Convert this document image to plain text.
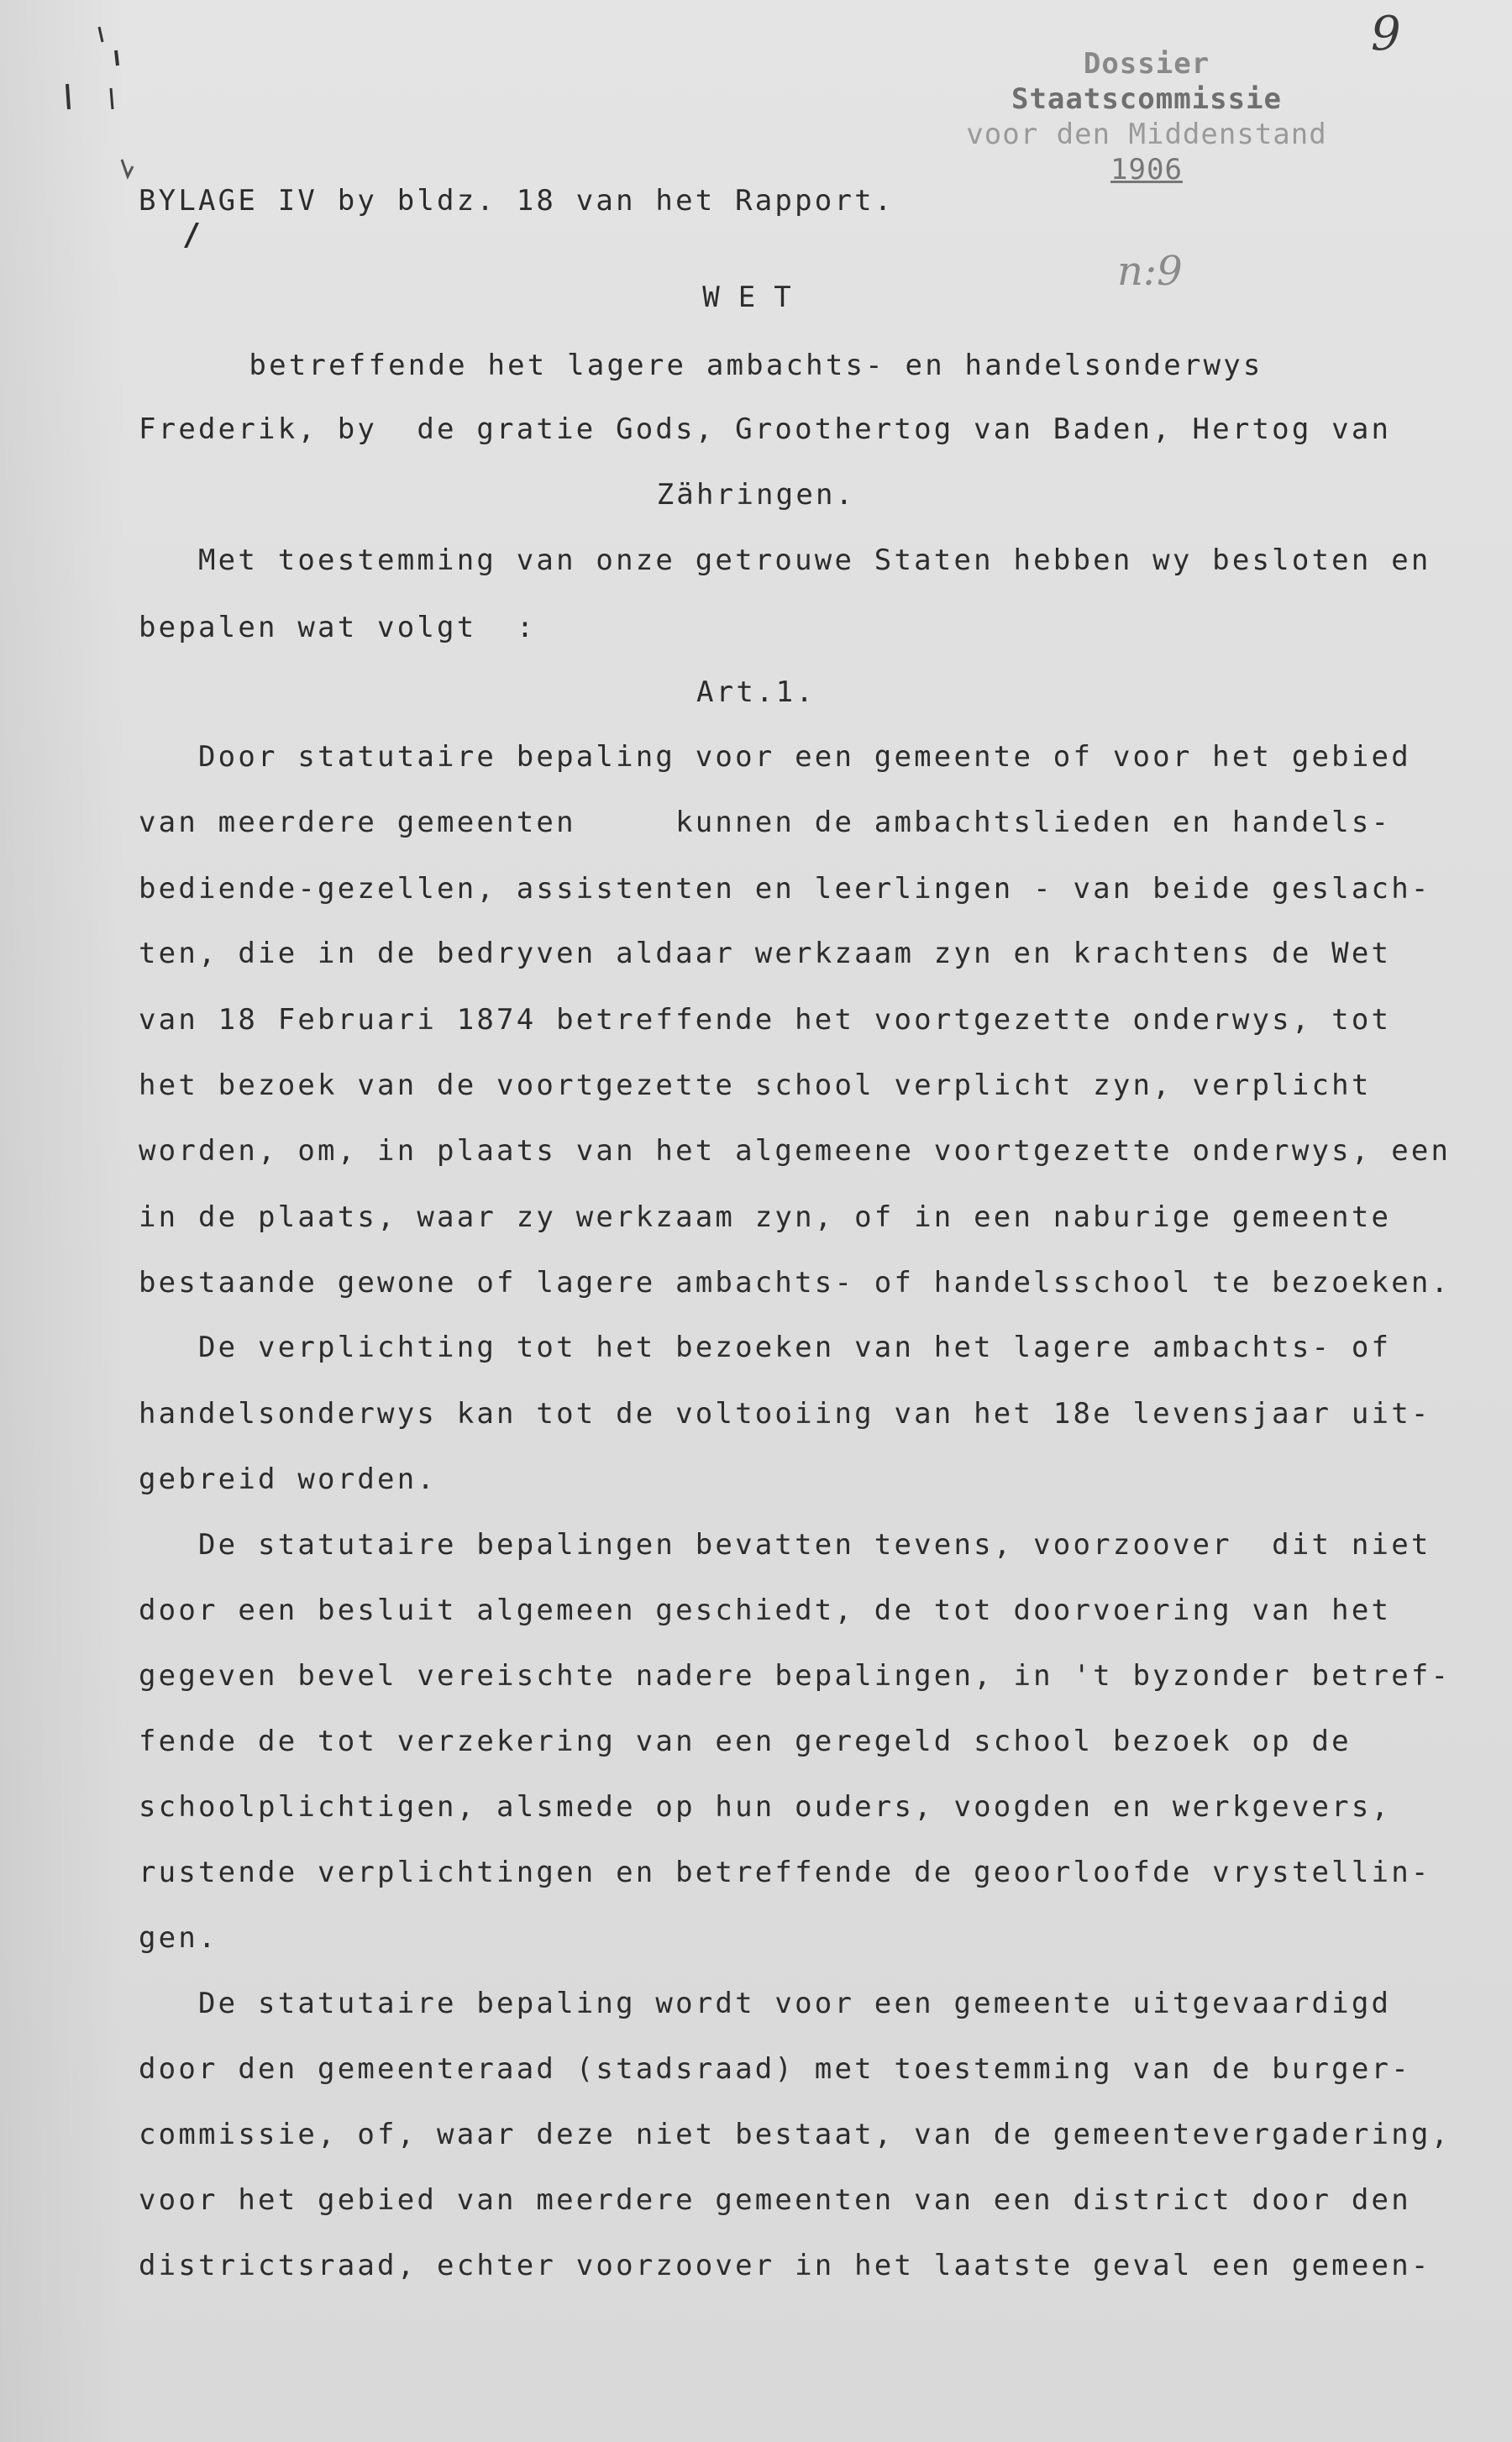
9
Dossier
Staatscommissie
voor den Middenstand
1906
n:9
BYLAGE IV by bldz. 18 van het Rapport.
WET
betreffende het lagere ambachts- en handelsonderwys
Frederik, by  de gratie Gods, Groothertog van Baden, Hertog van
Zähringen.
Met toestemming van onze getrouwe Staten hebben wy besloten en
bepalen wat volgt  :
Art.1.
Door statutaire bepaling voor een gemeente of voor het gebied
van meerdere gemeenten     kunnen de ambachtslieden en handels-
bediende-gezellen, assistenten en leerlingen - van beide geslach-
ten, die in de bedryven aldaar werkzaam zyn en krachtens de Wet
van 18 Februari 1874 betreffende het voortgezette onderwys, tot
het bezoek van de voortgezette school verplicht zyn, verplicht
worden, om, in plaats van het algemeene voortgezette onderwys, een
in de plaats, waar zy werkzaam zyn, of in een naburige gemeente
bestaande gewone of lagere ambachts- of handelsschool te bezoeken.
De verplichting tot het bezoeken van het lagere ambachts- of
handelsonderwys kan tot de voltooiing van het 18e levensjaar uit-
gebreid worden.
De statutaire bepalingen bevatten tevens, voorzoover  dit niet
door een besluit algemeen geschiedt, de tot doorvoering van het
gegeven bevel vereischte nadere bepalingen, in 't byzonder betref-
fende de tot verzekering van een geregeld school bezoek op de
schoolplichtigen, alsmede op hun ouders, voogden en werkgevers,
rustende verplichtingen en betreffende de geoorloofde vrystellin-
gen.
De statutaire bepaling wordt voor een gemeente uitgevaardigd
door den gemeenteraad (stadsraad) met toestemming van de burger-
commissie, of, waar deze niet bestaat, van de gemeentevergadering,
voor het gebied van meerdere gemeenten van een district door den
districtsraad, echter voorzoover in het laatste geval een gemeen-
